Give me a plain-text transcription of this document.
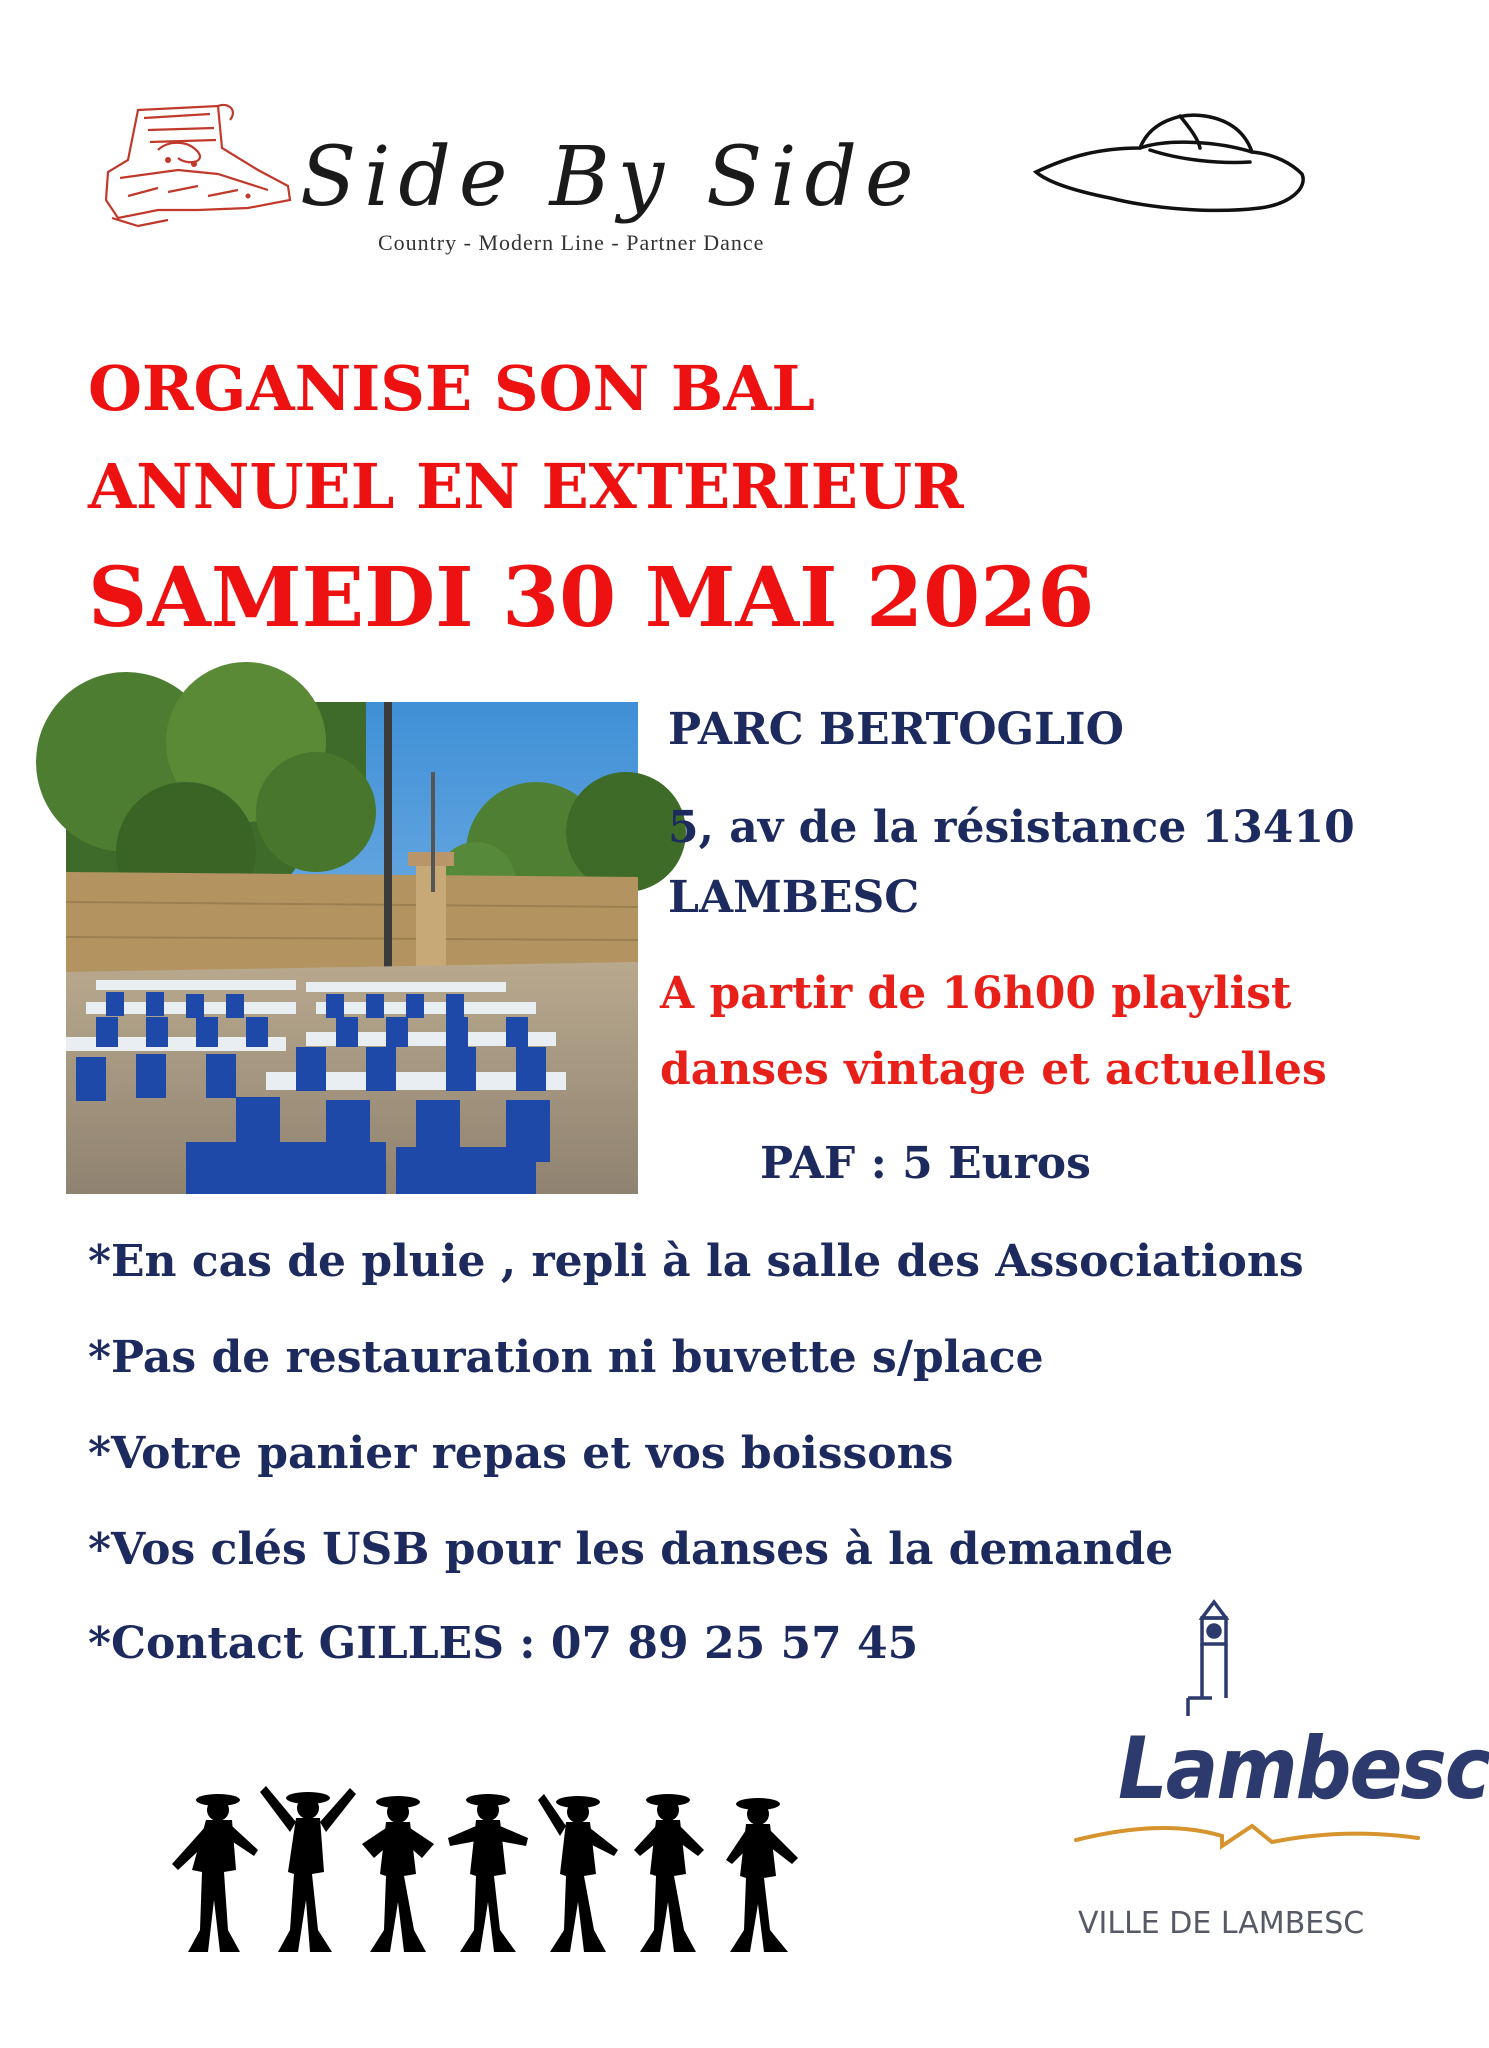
Side By Side
Country - Modern Line - Partner Dance
ORGANISE SON BAL
ANNUEL EN EXTERIEUR
SAMEDI 30 MAI 2026
PARC BERTOGLIO
5, av de la résistance 13410
LAMBESC
A partir de 16h00 playlist
danses vintage et actuelles
PAF : 5 Euros
*En cas de pluie , repli à la salle des Associations
*Pas de restauration ni buvette s/place
*Votre panier repas et vos boissons
*Vos clés USB pour les danses à la demande
*Contact GILLES : 07 89 25 57 45
Lambesc
VILLE DE LAMBESC
